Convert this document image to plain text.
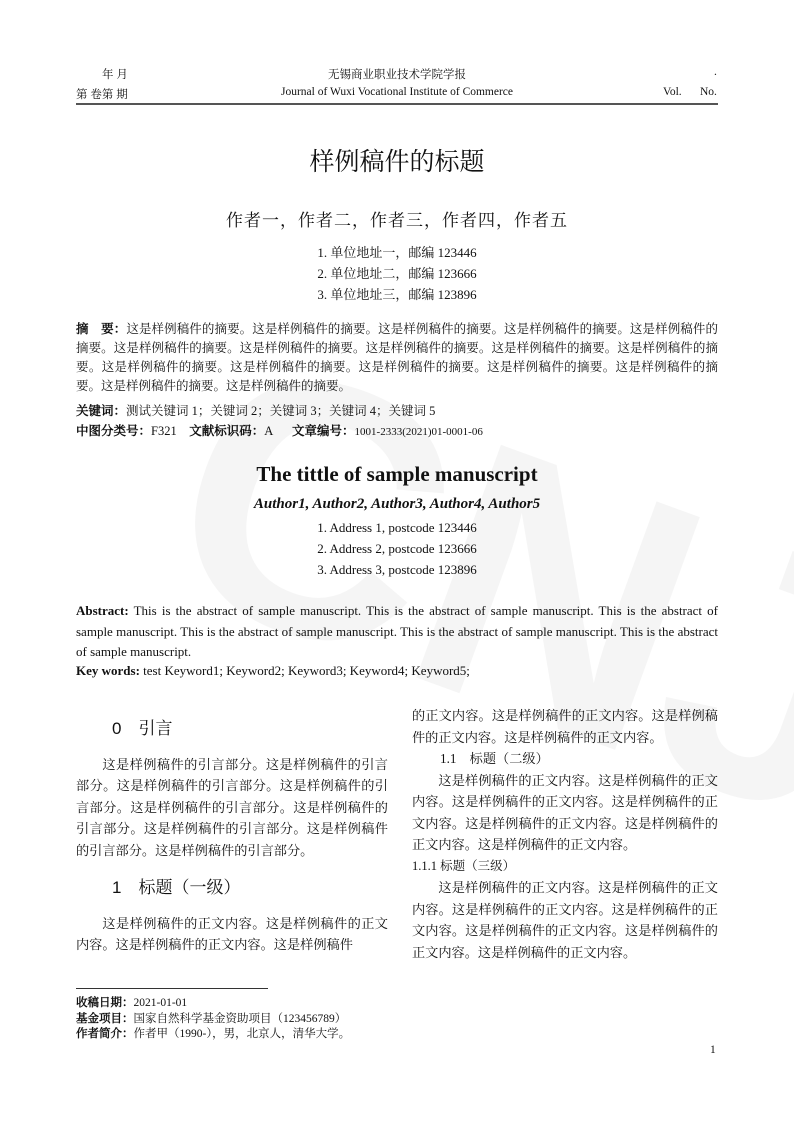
年 月
第 卷第 期
无锡商业职业技术学院学报
Journal of Wuxi Vocational Institute of Commerce
.
Vol. No.
样例稿件的标题
作者一，作者二，作者三，作者四，作者五
1. 单位地址一，邮编 123446
2. 单位地址二，邮编 123666
3. 单位地址三，邮编 123896
摘　要：这是样例稿件的摘要。这是样例稿件的摘要。这是样例稿件的摘要。这是样例稿件的摘要。这是样例稿件的摘要。这是样例稿件的摘要。这是样例稿件的摘要。这是样例稿件的摘要。这是样例稿件的摘要。这是样例稿件的摘要。这是样例稿件的摘要。这是样例稿件的摘要。这是样例稿件的摘要。这是样例稿件的摘要。这是样例稿件的摘要。这是样例稿件的摘要。这是样例稿件的摘要。
关键词：测试关键词 1；关键词 2；关键词 3；关键词 4；关键词 5
中图分类号：F321 文献标识码：A 文章编号：1001-2333(2021)01-0001-06
The tittle of sample manuscript
Author1, Author2, Author3, Author4, Author5
1. Address 1, postcode 123446
2. Address 2, postcode 123666
3. Address 3, postcode 123896
Abstract: This is the abstract of sample manuscript. This is the abstract of sample manuscript. This is the abstract of sample manuscript. This is the abstract of sample manuscript. This is the abstract of sample manuscript. This is the abstract of sample manuscript.
Key words: test Keyword1; Keyword2; Keyword3; Keyword4; Keyword5;

0　引言

这是样例稿件的引言部分。这是样例稿件的引言部分。这是样例稿件的引言部分。这是样例稿件的引言部分。这是样例稿件的引言部分。这是样例稿件的引言部分。这是样例稿件的引言部分。这是样例稿件的引言部分。这是样例稿件的引言部分。

1　标题（一级）

这是样例稿件的正文内容。这是样例稿件的正文内容。这是样例稿件的正文内容。这是样例稿件

的正文内容。这是样例稿件的正文内容。这是样例稿件的正文内容。这是样例稿件的正文内容。

1.1　标题（二级）

这是样例稿件的正文内容。这是样例稿件的正文内容。这是样例稿件的正文内容。这是样例稿件的正文内容。这是样例稿件的正文内容。这是样例稿件的正文内容。这是样例稿件的正文内容。

1.1.1 标题（三级）

这是样例稿件的正文内容。这是样例稿件的正文内容。这是样例稿件的正文内容。这是样例稿件的正文内容。这是样例稿件的正文内容。这是样例稿件的正文内容。这是样例稿件的正文内容。

收稿日期：2021-01-01
基金项目：国家自然科学基金资助项目（123456789）
作者简介：作者甲（1990-），男，北京人，清华大学。
1
